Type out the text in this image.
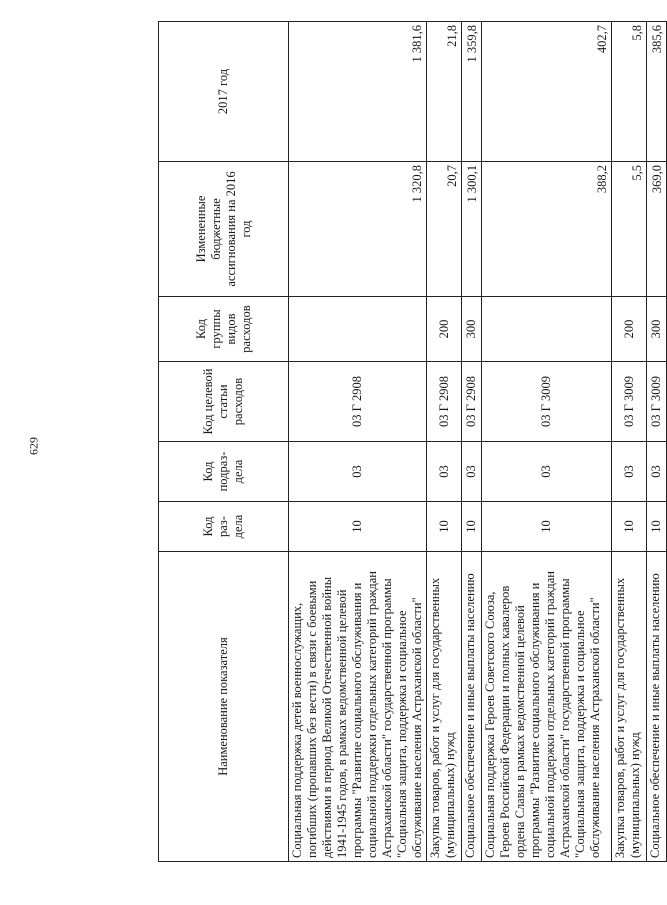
629
Наименование показателя	Код раз- дела	Код подраз- дела	Код целевой статьи расходов	Код группы видов расходов	Измененные бюджетные ассигнования на 2016 год	2017 год
Социальная поддержка детей военнослужащих, погибших (пропавших без вести) в связи с боевыми действиями в период Великой Отечественной войны 1941-1945 годов, в рамках ведомственной целевой программы "Развитие социального обслуживания и социальной поддержки отдельных категорий граждан Астраханской области" государственной программы "Социальная защита, поддержка и социальное обслуживание населения Астраханской области"	10	03	03 Г 2908		1 320,8	1 381,6
Закупка товаров, работ и услуг для государственных (муниципальных) нужд	10	03	03 Г 2908	200	20,7	21,8
Социальное обеспечение и иные выплаты населению	10	03	03 Г 2908	300	1 300,1	1 359,8
Социальная поддержка Героев Советского Союза, Героев Российской Федерации и полных кавалеров ордена Славы в рамках ведомственной целевой программы "Развитие социального обслуживания и социальной поддержки отдельных категорий граждан Астраханской области" государственной программы "Социальная защита, поддержка и социальное обслуживание населения Астраханской области"	10	03	03 Г 3009		388,2	402,7
Закупка товаров, работ и услуг для государственных (муниципальных) нужд	10	03	03 Г 3009	200	5,5	5,8
Социальное обеспечение и иные выплаты населению	10	03	03 Г 3009	300	369,0	385,6
